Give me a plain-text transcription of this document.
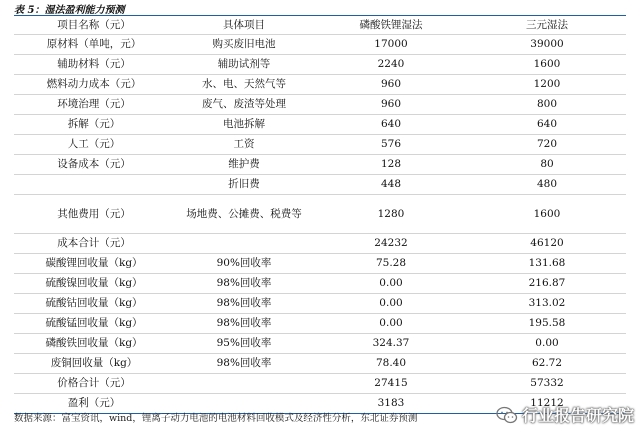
表 5：湿法盈利能力预测
项目名称（元）	具体项目	磷酸铁锂湿法	三元湿法
原材料（单吨，元）	购买废旧电池	17000	39000
辅助材料（元）	辅助试剂等	2240	1600
燃料动力成本（元）	水、电、天然气等	960	1200
环境治理（元）	废气、废渣等处理	960	800
拆解（元）	电池拆解	640	640
人工（元）	工资	576	720
设备成本（元）	维护费	128	80
	折旧费	448	480
其他费用（元）	场地费、公摊费、税费等	1280	1600
成本合计（元）		24232	46120
碳酸锂回收量（kg）	90%回收率	75.28	131.68
硫酸镍回收量（kg）	98%回收率	0.00	216.87
硫酸钴回收量（kg）	98%回收率	0.00	313.02
硫酸锰回收量（kg）	98%回收率	0.00	195.58
磷酸铁回收量（kg）	95%回收率	324.37	0.00
废铜回收量（kg）	98%回收率	78.40	62.72
价格合计（元）		27415	57332
盈利（元）		3183	11212
数据来源：富宝资讯，wind，锂离子动力电池的电池材料回收模式及经济性分析，东北证券预测	行业报告研究院
